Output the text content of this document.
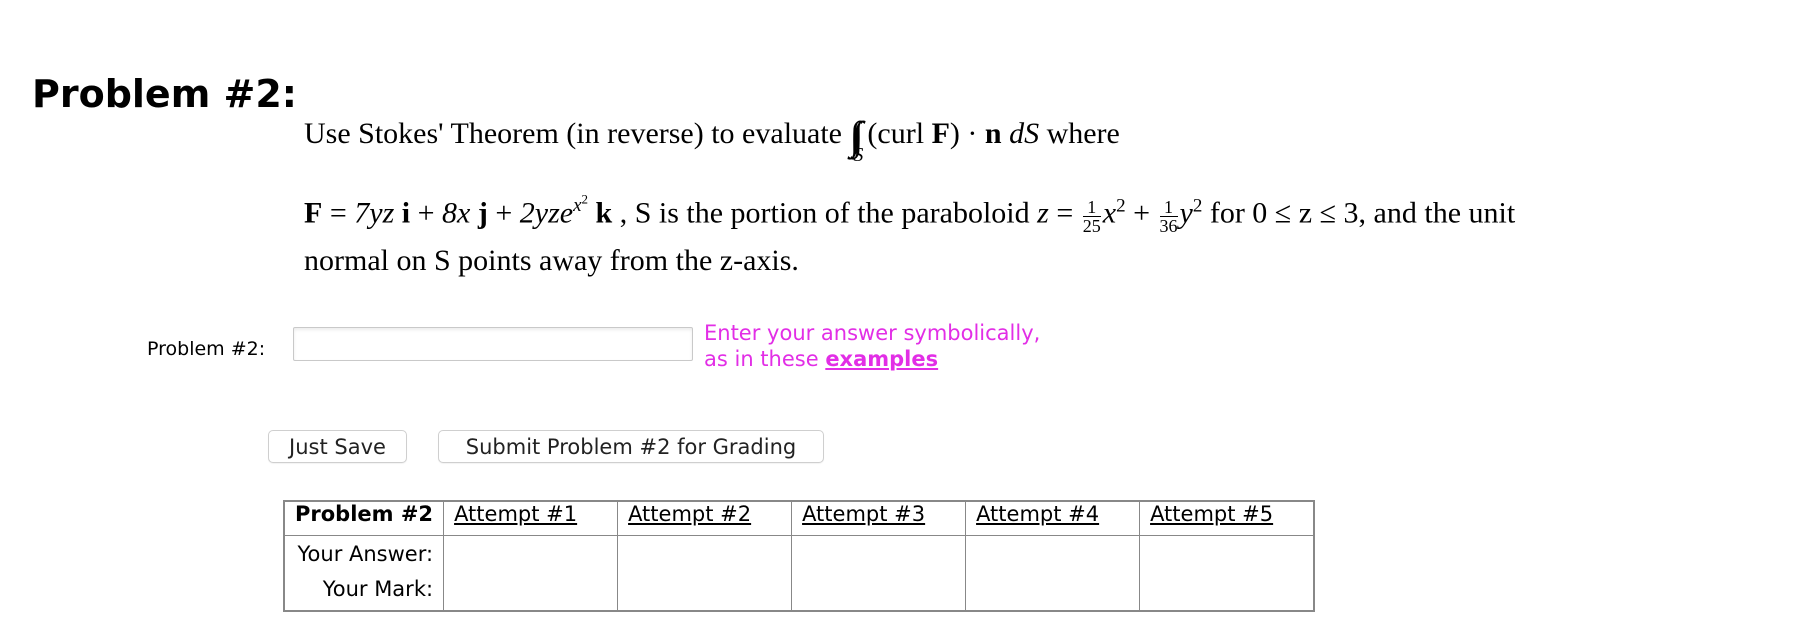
Problem #2:
Use Stokes' Theorem (in reverse) to evaluate ∫∫S(curl F) · n dS where
F = 7yz i + 8x j + 2yze$^{x^2}$ k , S is the portion of the paraboloid $z = \frac{1}{25} x^2 + \frac{1}{36} y^2$ for 0 ≤ z ≤ 3, and the unit
normal on S points away from the z-axis.
Problem #2:
Enter your answer symbolically,
as in these examples
Just Save	Submit Problem #2 for Grading
Problem #2	Attempt #1	Attempt #2	Attempt #3	Attempt #4	Attempt #5
Your Answer:					
Your Mark:					
